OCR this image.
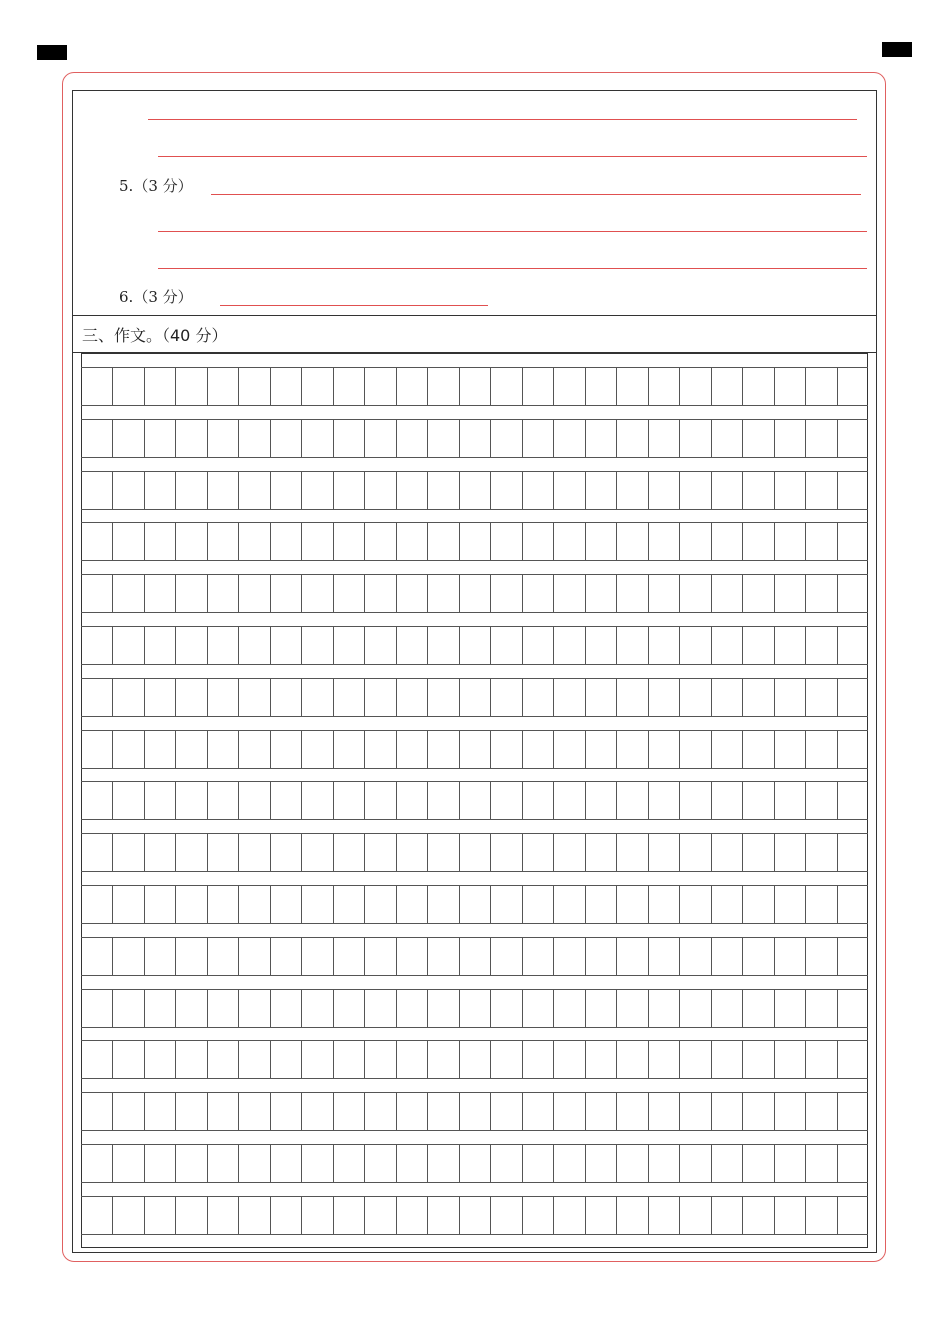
5.（3 分）
6.（3 分）
三、作文。（40 分）
